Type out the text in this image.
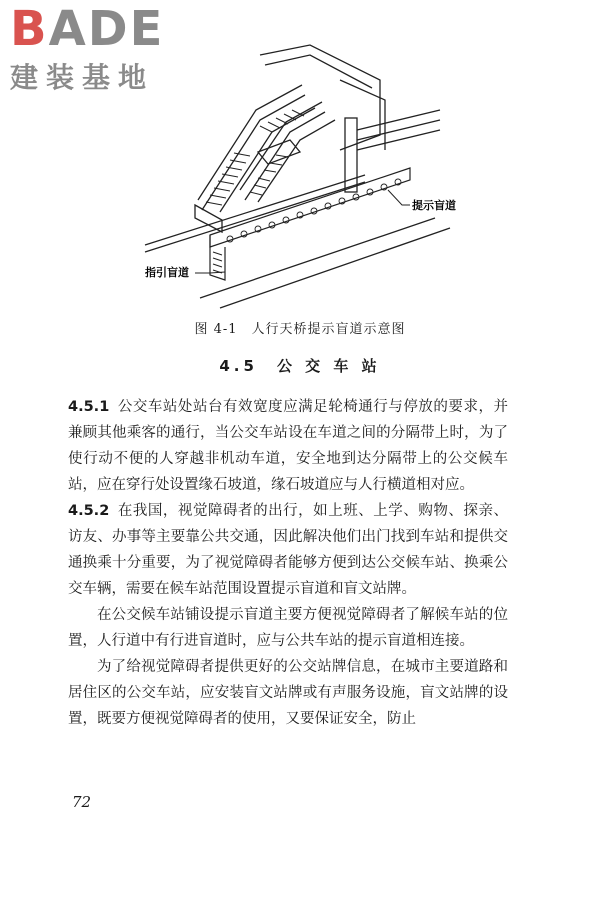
BADE
建装基地
提示盲道
指引盲道
图 4-1　人行天桥提示盲道示意图
4.5　公 交 车 站

4.5.1 公交车站处站台有效宽度应满足轮椅通行与停放的要求，并兼顾其他乘客的通行，当公交车站设在车道之间的分隔带上时，为了使行动不便的人穿越非机动车道，安全地到达分隔带上的公交候车站，应在穿行处设置缘石坡道，缘石坡道应与人行横道相对应。

4.5.2 在我国，视觉障碍者的出行，如上班、上学、购物、探亲、访友、办事等主要靠公共交通，因此解决他们出门找到车站和提供交通换乘十分重要，为了视觉障碍者能够方便到达公交候车站、换乘公交车辆，需要在候车站范围设置提示盲道和盲文站牌。

在公交候车站铺设提示盲道主要方便视觉障碍者了解候车站的位置，人行道中有行进盲道时，应与公共车站的提示盲道相连接。

为了给视觉障碍者提供更好的公交站牌信息，在城市主要道路和居住区的公交车站，应安装盲文站牌或有声服务设施，盲文站牌的设置，既要方便视觉障碍者的使用，又要保证安全，防止

72
